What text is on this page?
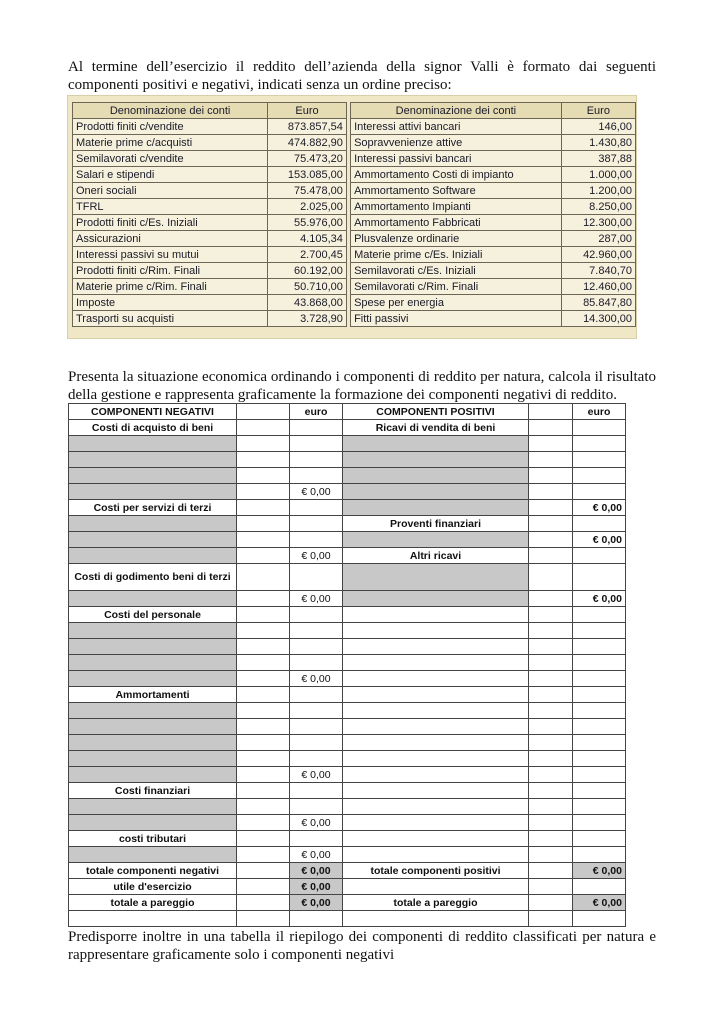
Al termine dell’esercizio il reddito dell’azienda della signor Valli è formato dai seguenti componenti positivi e negativi, indicati senza un ordine preciso:

Denominazione dei conti	Euro		Denominazione dei conti	Euro
Prodotti finiti c/vendite	873.857,54		Interessi attivi bancari	146,00
Materie prime c/acquisti	474.882,90		Sopravvenienze attive	1.430,80
Semilavorati c/vendite	75.473,20		Interessi passivi bancari	387,88
Salari e stipendi	153.085,00		Ammortamento Costi di impianto	1.000,00
Oneri sociali	75.478,00		Ammortamento Software	1.200,00
TFRL	2.025,00		Ammortamento Impianti	8.250,00
Prodotti finiti c/Es. Iniziali	55.976,00		Ammortamento Fabbricati	12.300,00
Assicurazioni	4.105,34		Plusvalenze ordinarie	287,00
Interessi passivi su mutui	2.700,45		Materie prime c/Es. Iniziali	42.960,00
Prodotti finiti c/Rim. Finali	60.192,00		Semilavorati c/Es. Iniziali	7.840,70
Materie prime c/Rim. Finali	50.710,00		Semilavorati c/Rim. Finali	12.460,00
Imposte	43.868,00		Spese per energia	85.847,80
Trasporti su acquisti	3.728,90		Fitti passivi	14.300,00

Presenta la situazione economica ordinando i componenti di reddito per natura, calcola il risultato della gestione e rappresenta graficamente la formazione dei componenti negativi di reddito.

COMPONENTI NEGATIVI		euro	COMPONENTI POSITIVI		euro
Costi di acquisto di beni			Ricavi di vendita di beni		

		€ 0,00			
Costi per servizi di terzi					€ 0,00
			Proventi finanziari		
					€ 0,00
		€ 0,00	Altri ricavi		
Costi di godimento beni di terzi					
		€ 0,00			€ 0,00
Costi del personale					

		€ 0,00			
Ammortamenti					

		€ 0,00			
Costi finanziari					

		€ 0,00			
costi tributari					
		€ 0,00			
totale componenti negativi		€ 0,00	totale componenti positivi		€ 0,00
utile d'esercizio		€ 0,00			
totale a pareggio		€ 0,00	totale a pareggio		€ 0,00

Predisporre inoltre in una tabella il riepilogo dei componenti di reddito classificati per natura e rappresentare graficamente solo i componenti negativi
